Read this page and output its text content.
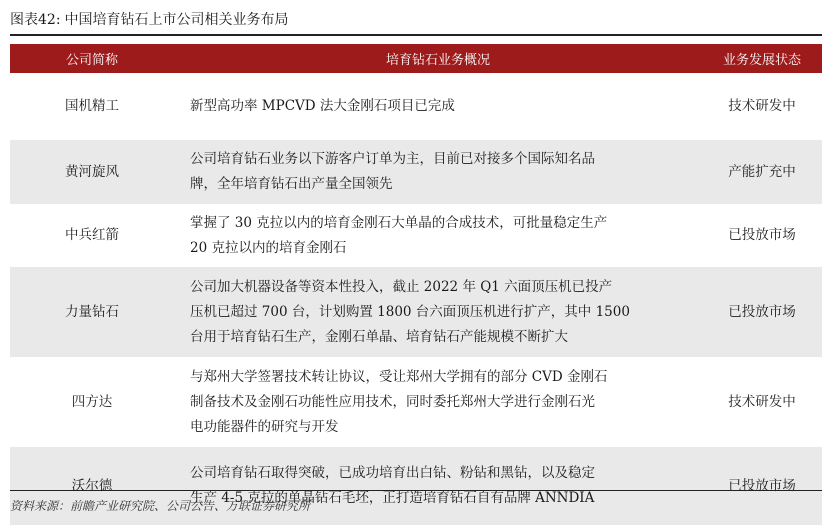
图表42: 中国培育钻石上市公司相关业务布局
公司简称	培育钻石业务概况	业务发展状态
国机精工	新型高功率 MPCVD 法大金刚石项目已完成	技术研发中
黄河旋风	公司培育钻石业务以下游客户订单为主，目前已对接多个国际知名品
牌，全年培育钻石出产量全国领先	产能扩充中
中兵红箭	掌握了 30 克拉以内的培育金刚石大单晶的合成技术，可批量稳定生产
20 克拉以内的培育金刚石	已投放市场
力量钻石	公司加大机器设备等资本性投入，截止 2022 年 Q1 六面顶压机已投产
压机已超过 700 台，计划购置 1800 台六面顶压机进行扩产，其中 1500
台用于培育钻石生产，金刚石单晶、培育钻石产能规模不断扩大	已投放市场
四方达	与郑州大学签署技术转让协议，受让郑州大学拥有的部分 CVD 金刚石
制备技术及金刚石功能性应用技术，同时委托郑州大学进行金刚石光
电功能器件的研究与开发	技术研发中
沃尔德	公司培育钻石取得突破，已成功培育出白钻、粉钻和黑钻，以及稳定
生产 4-5 克拉的单晶钻石毛坯，正打造培育钻石自有品牌 ANNDIA	已投放市场
资料来源：前瞻产业研究院、公司公告、万联证券研究所
